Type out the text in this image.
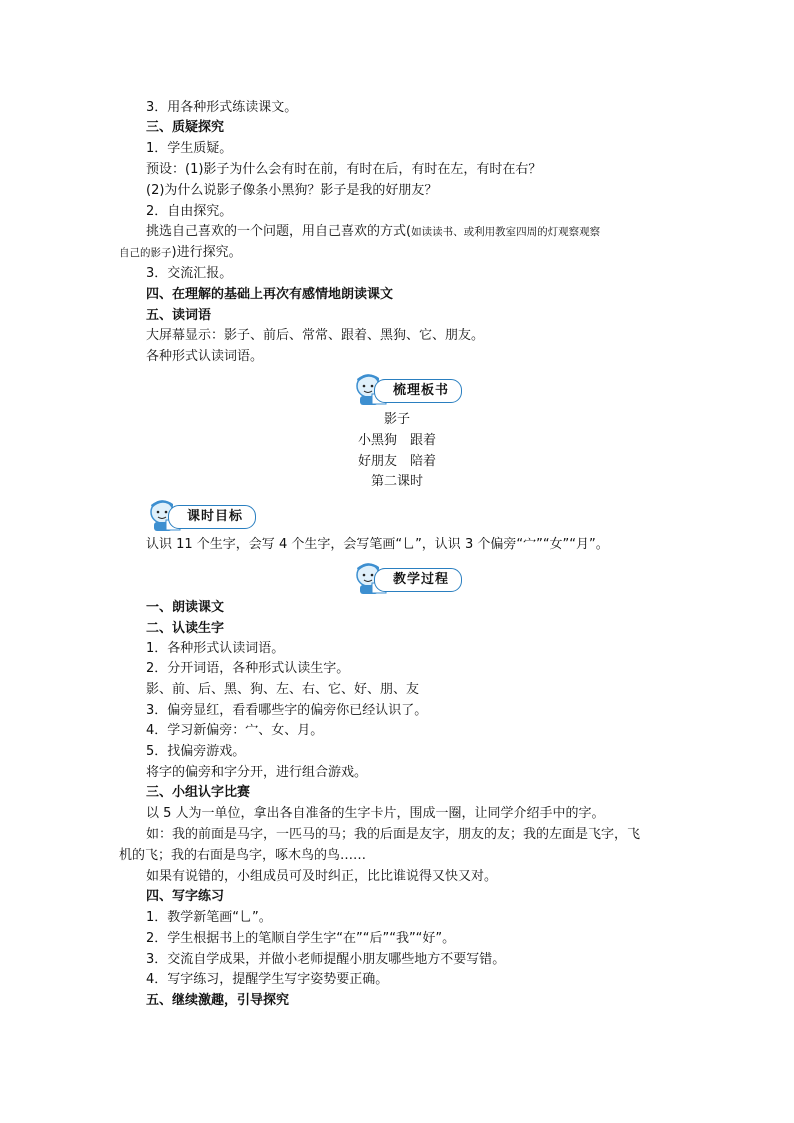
3．用各种形式练读课文。
三、质疑探究
1．学生质疑。
预设：(1)影子为什么会有时在前，有时在后，有时在左，有时在右？
(2)为什么说影子像条小黑狗？影子是我的好朋友？
2．自由探究。
挑选自己喜欢的一个问题，用自己喜欢的方式(如读读书、或利用教室四周的灯观察观察
自己的影子)进行探究。
3．交流汇报。
四、在理解的基础上再次有感情地朗读课文
五、读词语
大屏幕显示：影子、前后、常常、跟着、黑狗、它、朋友。
各种形式认读词语。
梳理板书
影子
小黑狗　跟着
好朋友　陪着
第二课时
课时目标
认识 11 个生字，会写 4 个生字，会写笔画“乚”，认识 3 个偏旁“宀”“女”“月”。
教学过程
一、朗读课文
二、认读生字
1．各种形式认读词语。
2．分开词语，各种形式认读生字。
影、前、后、黑、狗、左、右、它、好、朋、友
3．偏旁显红，看看哪些字的偏旁你已经认识了。
4．学习新偏旁：宀、女、月。
5．找偏旁游戏。
将字的偏旁和字分开，进行组合游戏。
三、小组认字比赛
以 5 人为一单位，拿出各自准备的生字卡片，围成一圈，让同学介绍手中的字。
如：我的前面是马字，一匹马的马；我的后面是友字，朋友的友；我的左面是飞字，飞
机的飞；我的右面是鸟字，啄木鸟的鸟……
如果有说错的，小组成员可及时纠正，比比谁说得又快又对。
四、写字练习
1．教学新笔画“乚”。
2．学生根据书上的笔顺自学生字“在”“后”“我”“好”。
3．交流自学成果，并做小老师提醒小朋友哪些地方不要写错。
4．写字练习，提醒学生写字姿势要正确。
五、继续激趣，引导探究
